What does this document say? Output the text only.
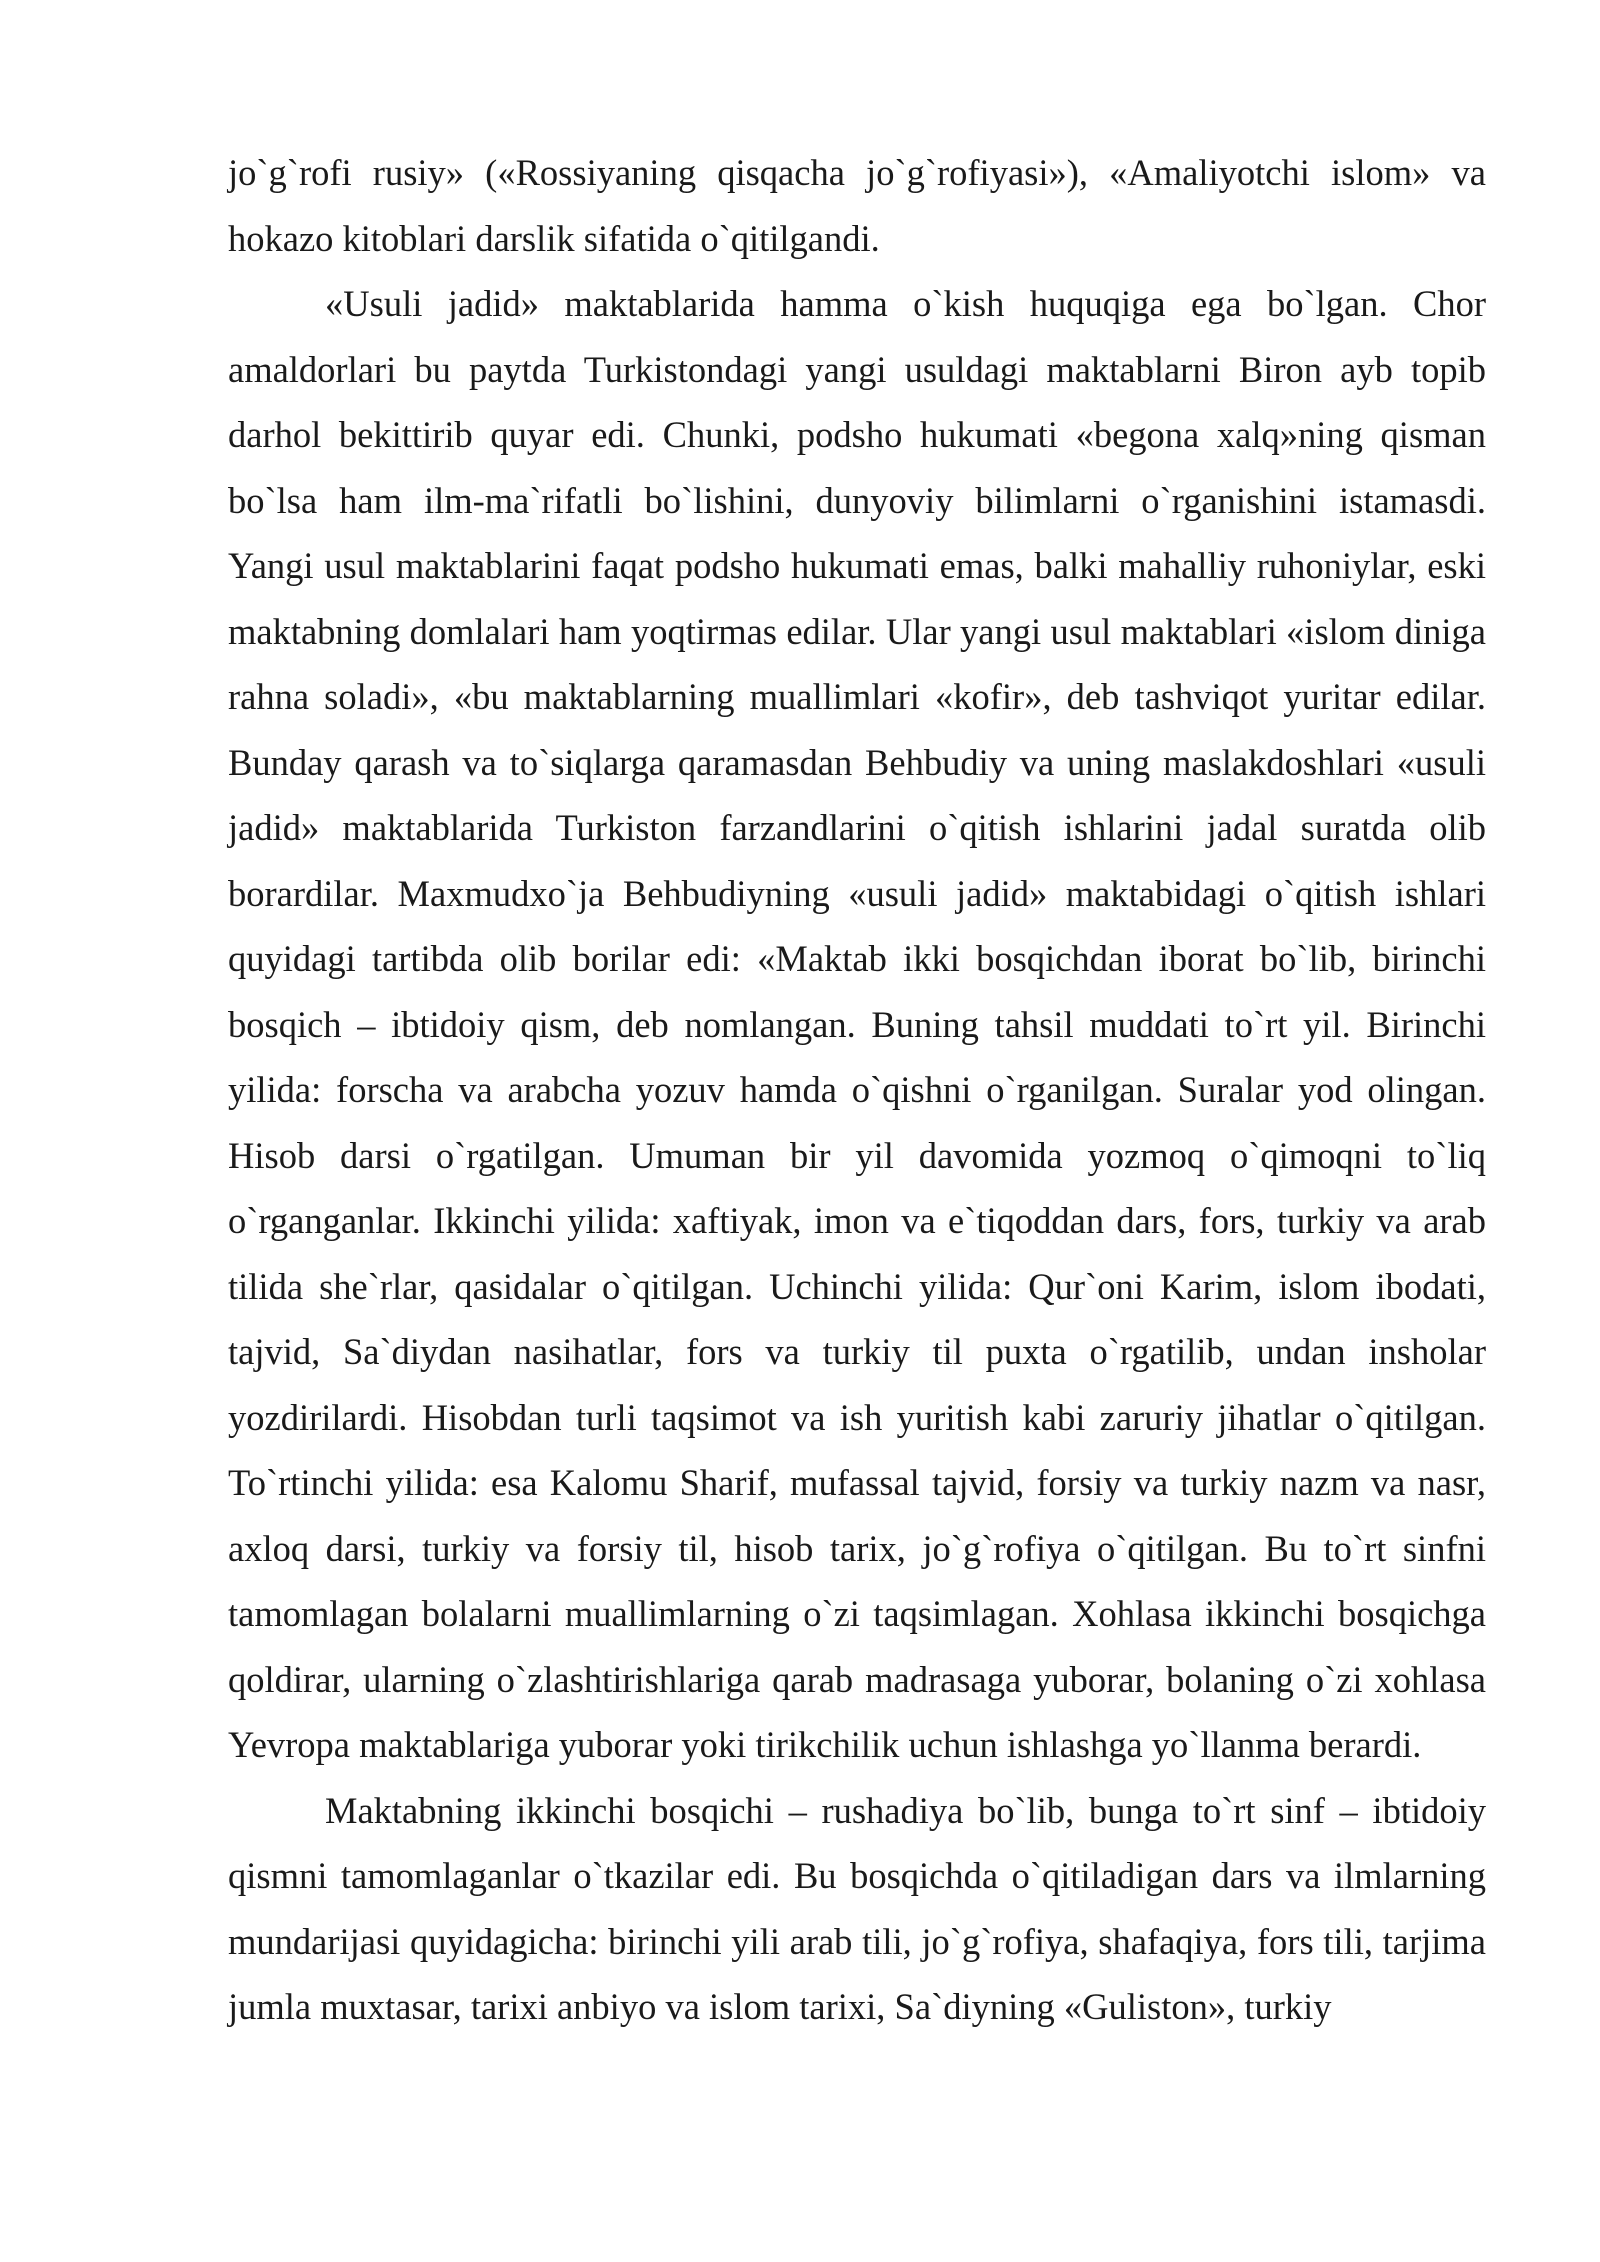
jo`g`rofi rusiy» («Rossiyaning qisqacha jo`g`rofiyasi»), «Amaliyotchi islom» va hokazo kitoblari darslik sifatida o`qitilgandi.

«Usuli jadid» maktablarida hamma o`kish huquqiga ega bo`lgan. Chor amaldorlari bu paytda Turkistondagi yangi usuldagi maktablarni Biron ayb topib darhol bekittirib quyar edi. Chunki, podsho hukumati «begona xalq»ning qisman bo`lsa ham ilm-ma`rifatli bo`lishini, dunyoviy bilimlarni o`rganishini istamasdi. Yangi usul maktablarini faqat podsho hukumati emas, balki mahalliy ruhoniylar, eski maktabning domlalari ham yoqtirmas edilar. Ular yangi usul maktablari «islom diniga rahna soladi», «bu maktablarning muallimlari «kofir», deb tashviqot yuritar edilar. Bunday qarash va to`siqlarga qaramasdan Behbudiy va uning maslakdoshlari «usuli jadid» maktablarida Turkiston farzandlarini o`qitish ishlarini jadal suratda olib borardilar. Maxmudxo`ja Behbudiyning «usuli jadid» maktabidagi o`qitish ishlari quyidagi tartibda olib borilar edi: «Maktab ikki bosqichdan iborat bo`lib, birinchi bosqich – ibtidoiy qism, deb nomlangan. Buning tahsil muddati to`rt yil. Birinchi yilida: forscha va arabcha yozuv hamda o`qishni o`rganilgan. Suralar yod olingan. Hisob darsi o`rgatilgan. Umuman bir yil davomida yozmoq o`qimoqni to`liq o`rganganlar. Ikkinchi yilida: xaftiyak, imon va e`tiqoddan dars, fors, turkiy va arab tilida she`rlar, qasidalar o`qitilgan. Uchinchi yilida: Qur`oni Karim, islom ibodati, tajvid, Sa`diydan nasihatlar, fors va turkiy til puxta o`rgatilib, undan insholar yozdirilardi. Hisobdan turli taqsimot va ish yuritish kabi zaruriy jihatlar o`qitilgan. To`rtinchi yilida: esa Kalomu Sharif, mufassal tajvid, forsiy va turkiy nazm va nasr, axloq darsi, turkiy va forsiy til, hisob tarix, jo`g`rofiya o`qitilgan. Bu to`rt sinfni tamomlagan bolalarni muallimlarning o`zi taqsimlagan. Xohlasa ikkinchi bosqichga qoldirar, ularning o`zlashtirishlariga qarab madrasaga yuborar, bolaning o`zi xohlasa Yevropa maktablariga yuborar yoki tirikchilik uchun ishlashga yo`llanma berardi.

Maktabning ikkinchi bosqichi – rushadiya bo`lib, bunga to`rt sinf – ibtidoiy qismni tamomlaganlar o`tkazilar edi. Bu bosqichda o`qitiladigan dars va ilmlarning mundarijasi quyidagicha: birinchi yili arab tili, jo`g`rofiya, shafaqiya, fors tili, tarjima jumla muxtasar, tarixi anbiyo va islom tarixi, Sa`diyning «Guliston», turkiy
